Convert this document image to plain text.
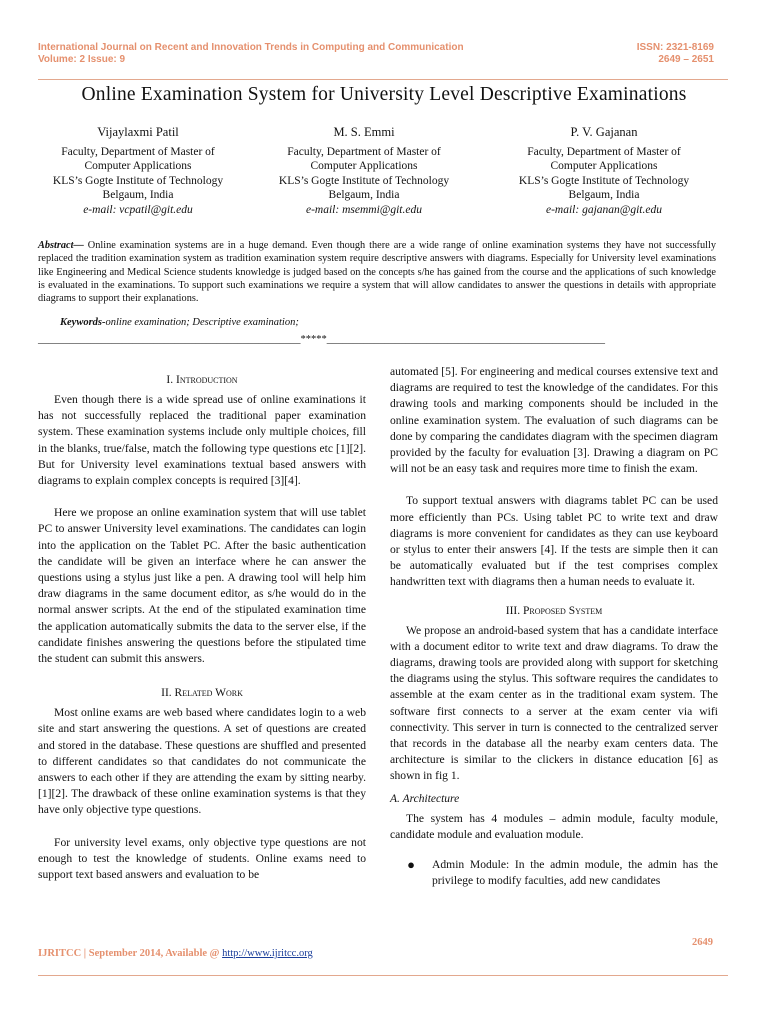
International Journal on Recent and Innovation Trends in Computing and Communication
Volume: 2 Issue: 9
ISSN: 2321-8169
2649 – 2651
Online Examination System for University Level Descriptive Examinations
Vijaylaxmi Patil
Faculty, Department of Master of
Computer Applications
KLS’s Gogte Institute of Technology
Belgaum, India
e-mail: vcpatil@git.edu
M. S. Emmi
Faculty, Department of Master of
Computer Applications
KLS’s Gogte Institute of Technology
Belgaum, India
e-mail: msemmi@git.edu
P. V. Gajanan
Faculty, Department of Master of
Computer Applications
KLS’s Gogte Institute of Technology
Belgaum, India
e-mail: gajanan@git.edu
Abstract— Online examination systems are in a huge demand. Even though there are a wide range of online examination systems they have not successfully replaced the tradition examination system as tradition examination system require descriptive answers with diagrams. Especially for University level examinations like Engineering and Medical Science students knowledge is judged based on the concepts s/he has gained from the course and the applications of such knowledge is evaluated in the examinations. To support such examinations we require a system that will allow candidates to answer the questions in details with appropriate diagrams to support their explanations.
Keywords-online examination; Descriptive examination;
__________________________________________________*****_____________________________________________________
I. Introduction

Even though there is a wide spread use of online examinations it has not successfully replaced the traditional paper examination system. These examination systems include only multiple choices, fill in the blanks, true/false, match the following type questions etc [1][2]. But for University level examinations textual based answers with diagrams to explain complex concepts is required [3][4].

Here we propose an online examination system that will use tablet PC to answer University level examinations. The candidates can login into the application on the Tablet PC. After the basic authentication the candidate will be given an interface where he can answer the questions using a stylus just like a pen. A drawing tool will help him draw diagrams in the same document editor, as s/he would do in the normal answer scripts. At the end of the stipulated examination time the application automatically submits the data to the server else, if the candidate finishes answering the questions before the stipulated time the student can submit this answers.

II. Related Work

Most online exams are web based where candidates login to a web site and start answering the questions. A set of questions are created and stored in the database. These questions are shuffled and presented to different candidates so that candidates do not communicate the answers to each other if they are attending the exam by sitting nearby. [1][2]. The drawback of these online examination systems is that they have only objective type questions.

For university level exams, only objective type questions are not enough to test the knowledge of students. Online exams need to support text based answers and evaluation to be

automated [5]. For engineering and medical courses extensive text and diagrams are required to test the knowledge of the candidates. For this drawing tools and marking components should be included in the online examination system. The evaluation of such diagrams can be done by comparing the candidates diagram with the specimen diagram provided by the faculty for evaluation [3]. Drawing a diagram on PC will not be an easy task and requires more time to finish the exam.

To support textual answers with diagrams tablet PC can be used more efficiently than PCs. Using tablet PC to write text and draw diagrams is more convenient for candidates as they can use keyboard or stylus to enter their answers [4]. If the tests are simple then it can be automatically evaluated but if the test comprises complex handwritten text with diagrams then a human needs to evaluate it.

III. Proposed System

We propose an android-based system that has a candidate interface with a document editor to write text and draw diagrams. To draw the diagrams, drawing tools are provided along with support for sketching the diagrams using the stylus. This software requires the candidates to assemble at the exam center as in the traditional exam system. The software first connects to a server at the exam center via wifi connectivity. This server in turn is connected to the centralized server that records in the database all the nearby exam centers data. The architecture is similar to the clickers in distance education [6] as shown in fig 1.

A. Architecture

The system has 4 modules – admin module, faculty module, candidate module and evaluation module.

●	Admin Module: In the admin module, the admin has the privilege to modify faculties, add new candidates

2649
IJRITCC | September 2014, Available @ http://www.ijritcc.org
